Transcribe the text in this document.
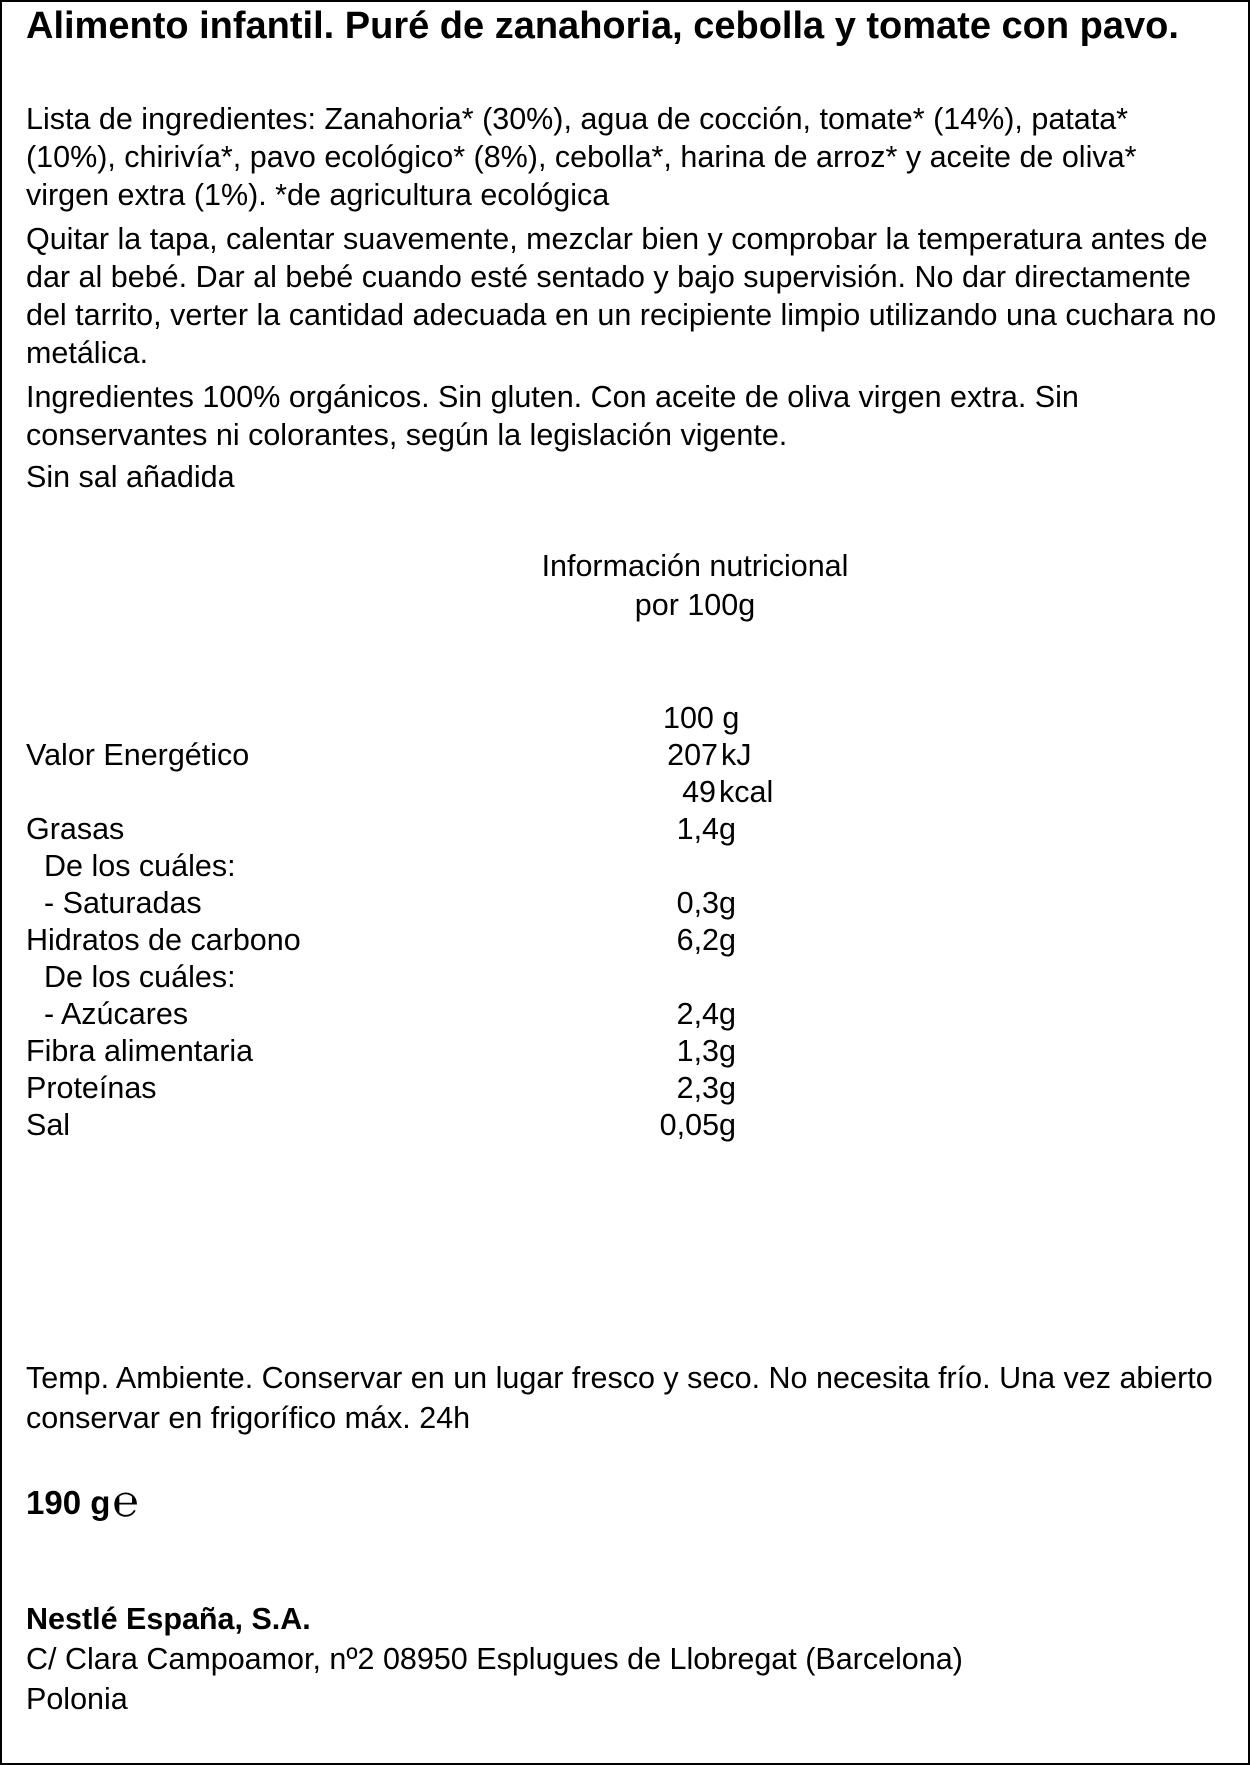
Alimento infantil. Puré de zanahoria, cebolla y tomate con pavo.
Lista de ingredientes: Zanahoria* (30%), agua de cocción, tomate* (14%), patata* (10%), chirivía*, pavo ecológico* (8%), cebolla*, harina de arroz* y aceite de oliva* virgen extra (1%). *de agricultura ecológica
Quitar la tapa, calentar suavemente, mezclar bien y comprobar la temperatura antes de dar al bebé. Dar al bebé cuando esté sentado y bajo supervisión. No dar directamente del tarrito, verter la cantidad adecuada en un recipiente limpio utilizando una cuchara no metálica.
Ingredientes 100% orgánicos. Sin gluten. Con aceite de oliva virgen extra. Sin conservantes ni colorantes, según la legislación vigente.
Sin sal añadida
Información nutricional
por 100g
100 g
Valor Energético	207 kJ
49 kcal
Grasas	1,4g
De los cuáles:
- Saturadas	0,3g
Hidratos de carbono	6,2g
De los cuáles:
- Azúcares	2,4g
Fibra alimentaria	1,3g
Proteínas	2,3g
Sal	0,05g
Temp. Ambiente. Conservar en un lugar fresco y seco. No necesita frío. Una vez abierto conservar en frigorífico máx. 24h
190 g℮
Nestlé España, S.A.
C/ Clara Campoamor, nº2 08950 Esplugues de Llobregat (Barcelona)
Polonia
